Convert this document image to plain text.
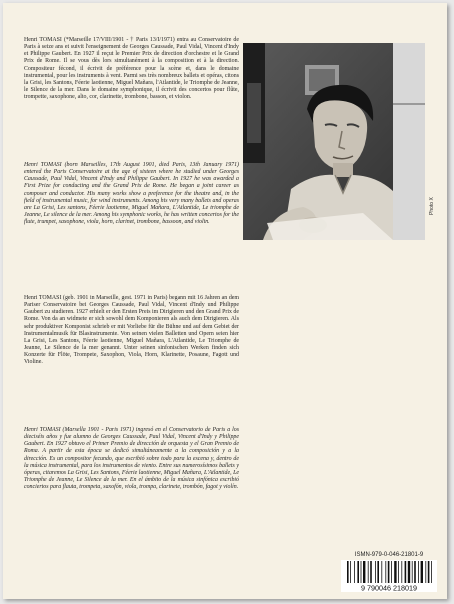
Henri TOMASI (*Marseille 17/VIII/1901 - † Paris 13/I/1971) entra au Conservatoire de Paris à seize ans et suivit l'enseignement de Georges Caussade, Paul Vidal, Vincent d'Indy et Philippe Gaubert. En 1927 il reçut le Premier Prix de direction d'orchestre et le Grand Prix de Rome. Il se vous dès lors simultanément à la composition et à la direction. Compositeur fécond, il écrivit de préférence pour la scène et, dans le domaine instrumental, pour les instruments à vent. Parmi ses très nombreux ballets et opéras, citons la Grisi, les Santons, Féerie laotienne, Miguel Mañara, l'Atlantide, le Triomphe de Jeanne, le Silence de la mer. Dans le domaine symphonique, il écrivit des concertos pour flûte, trompette, saxophone, alto, cor, clarinette, trombone, basson, et violon.

Henri TOMASI (born Marseilles, 17th August 1901, died Paris, 13th January 1971) entered the Paris Conservatoire at the age of sixteen where he studied under Georges Caussade, Paul Vidal, Vincent d'Indy and Philippe Gaubert. In 1927 he was awarded a First Prize for conducting and the Grand Prix de Rome. He began a joint career as composer and conductor. His many works show a preference for the theatre and, in the field of instrumental music, for wind instruments. Among his very many ballets and operas are La Grisi, Les santons, Féerie laotienne, Miguel Mañara, L'Atlantide, Le triomphe de Jeanne, Le silence de la mer. Among his symphonic works, he has written concertos for the flute, trumpet, saxophone, viola, horn, clarinet, trombone, bassoon, and violin.

Henri TOMASI (geb. 1901 in Marseille, gest. 1971 in Paris) begann mit 16 Jahren an dem Pariser Conservatoire bei Georges Caussade, Paul Vidal, Vincent d'Indy und Philippe Gaubert zu studieren. 1927 erhielt er den Ersten Preis im Dirigieren und den Grand Prix de Rome. Von da an widmete er sich sowohl dem Komponieren als auch dem Dirigieren. Als sehr produktiver Komponist schrieb er mit Vorliebe für die Bühne und auf dem Gebiet der Instrumentalmusik für Blasinstrumente. Von seinen vielen Balletten und Opern seien hier La Grisi, Les Santons, Féerie laotienne, Miguel Mañara, L'Atlantide, Le Triomphe de Jeanne, Le Silence de la mer genannt. Unter seinen sinfonischen Werken finden sich Konzerte für Flöte, Trompete, Saxophon, Viola, Horn, Klarinette, Posaune, Fagott und Violine.

Henri TOMASI (Marsella 1901 - Paris 1971) ingresó en el Conservatorio de Paris a los dieciséis años y fue alumno de Georges Caussade, Paul Vidal, Vincent d'Indy y Philippe Gaubert. En 1927 obtuvo el Primer Premio de dirección de orquesta y el Gran Premio de Roma. A partir de esta época se dedicó simultáneamente a la composición y a la dirección. Es un compositor fecundo, que escribió sobre todo para la escena y, dentro de la música instrumental, para los instrumentos de viento. Entre sus numerosísimos ballets y óperas, citaremos La Grisi, Les Santons, Féerie laotienne, Miguel Mañara, L'Atlantide, Le Triomphe de Jeanne, Le Silence de la mer. En el ámbito de la música sinfónica escribió conciertos para flauta, trompeta, saxofón, viola, trompa, clarinete, trombón, fagot y violín.

Photo X
ISMN-979-0-046-21801-9
9 790046 218019
